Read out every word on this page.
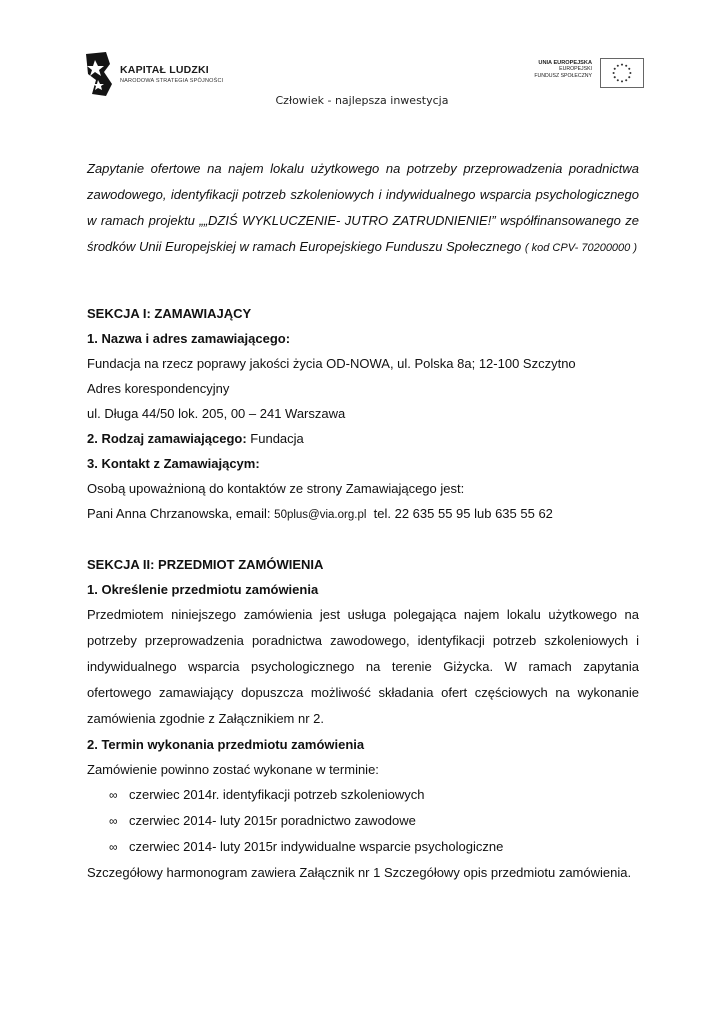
KAPITAŁ LUDZKI
NARODOWA STRATEGIA SPÓJNOŚCI
UNIA EUROPEJSKA
EUROPEJSKI
FUNDUSZ SPOŁECZNY
Człowiek - najlepsza inwestycja

Zapytanie ofertowe na najem lokalu użytkowego na potrzeby przeprowadzenia poradnictwa zawodowego, identyfikacji potrzeb szkoleniowych i indywidualnego wsparcia psychologicznego w ramach projektu „„DZIŚ WYKLUCZENIE- JUTRO ZATRUDNIENIE!” współfinansowanego ze środków Unii Europejskiej w ramach Europejskiego Funduszu Społecznego ( kod CPV- 70200000 )

SEKCJA I: ZAMAWIAJĄCY
1. Nazwa i adres zamawiającego:
Fundacja na rzecz poprawy jakości życia OD-NOWA, ul. Polska 8a; 12-100 Szczytno
Adres korespondencyjny
ul. Długa 44/50 lok. 205, 00 – 241 Warszawa
2. Rodzaj zamawiającego: Fundacja
3. Kontakt z Zamawiającym:
Osobą upoważnioną do kontaktów ze strony Zamawiającego jest:
Pani Anna Chrzanowska, email: 50plus@via.org.pl tel. 22 635 55 95 lub 635 55 62
SEKCJA II: PRZEDMIOT ZAMÓWIENIA
1. Określenie przedmiotu zamówienia

Przedmiotem niniejszego zamówienia jest usługa polegająca najem lokalu użytkowego na potrzeby przeprowadzenia poradnictwa zawodowego, identyfikacji potrzeb szkoleniowych i indywidualnego wsparcia psychologicznego na terenie Giżycka. W ramach zapytania ofertowego zamawiający dopuszcza możliwość składania ofert częściowych na wykonanie zamówienia zgodnie z Załącznikiem nr 2.

2. Termin wykonania przedmiotu zamówienia
Zamówienie powinno zostać wykonane w terminie:
∞ czerwiec 2014r. identyfikacji potrzeb szkoleniowych
∞ czerwiec 2014- luty 2015r poradnictwo zawodowe
∞ czerwiec 2014- luty 2015r indywidualne wsparcie psychologiczne
Szczegółowy harmonogram zawiera Załącznik nr 1 Szczegółowy opis przedmiotu zamówienia.
